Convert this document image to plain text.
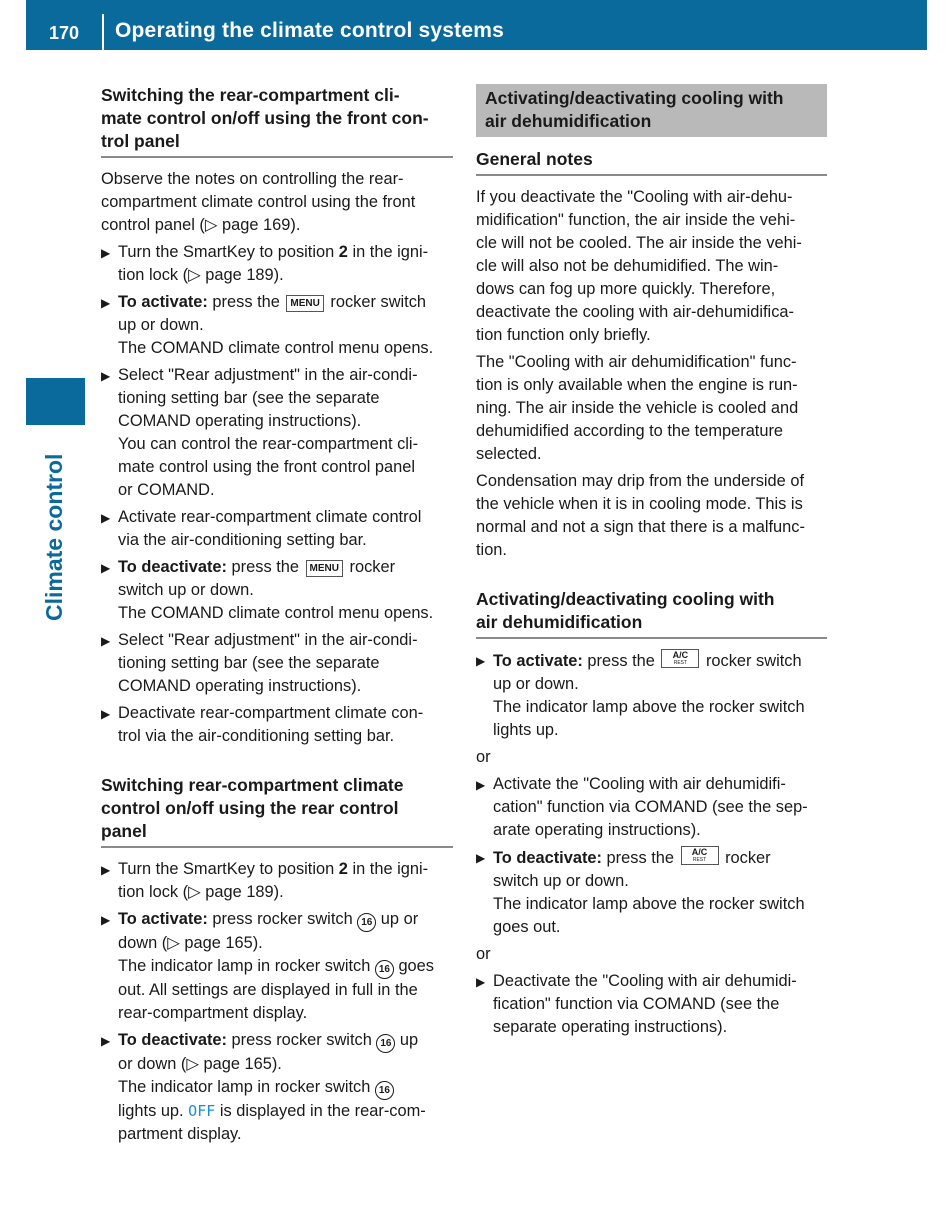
170	Operating the climate control systems
Climate control
Switching the rear-compartment cli-
mate control on/off using the front con-
trol panel

Observe the notes on controlling the rear-
compartment climate control using the front
control panel (▷ page 169).

▶ Turn the SmartKey to position 2 in the igni-
tion lock (▷ page 189).
▶ To activate: press the MENU rocker switch
up or down.
The COMAND climate control menu opens.
▶ Select "Rear adjustment" in the air-condi-
tioning setting bar (see the separate
COMAND operating instructions).
You can control the rear-compartment cli-
mate control using the front control panel
or COMAND.
▶ Activate rear-compartment climate control
via the air-conditioning setting bar.
▶ To deactivate: press the MENU rocker
switch up or down.
The COMAND climate control menu opens.
▶ Select "Rear adjustment" in the air-condi-
tioning setting bar (see the separate
COMAND operating instructions).
▶ Deactivate rear-compartment climate con-
trol via the air-conditioning setting bar.
Switching rear-compartment climate
control on/off using the rear control
panel
▶ Turn the SmartKey to position 2 in the igni-
tion lock (▷ page 189).
▶ To activate: press rocker switch 16 up or
down (▷ page 165).
The indicator lamp in rocker switch 16 goes
out. All settings are displayed in full in the
rear-compartment display.
▶ To deactivate: press rocker switch 16 up
or down (▷ page 165).
The indicator lamp in rocker switch 16
lights up. OFF is displayed in the rear-com-
partment display.
Activating/deactivating cooling with
air dehumidification
General notes

If you deactivate the "Cooling with air-dehu-
midification" function, the air inside the vehi-
cle will not be cooled. The air inside the vehi-
cle will also not be dehumidified. The win-
dows can fog up more quickly. Therefore,
deactivate the cooling with air-dehumidifica-
tion function only briefly.

The "Cooling with air dehumidification" func-
tion is only available when the engine is run-
ning. The air inside the vehicle is cooled and
dehumidified according to the temperature
selected.

Condensation may drip from the underside of
the vehicle when it is in cooling mode. This is
normal and not a sign that there is a malfunc-
tion.

Activating/deactivating cooling with
air dehumidification
▶ To activate: press the	A/C
REST rocker switch
up or down.
The indicator lamp above the rocker switch
lights up.

or

▶ Activate the "Cooling with air dehumidifi-
cation" function via COMAND (see the sep-
arate operating instructions).
▶ To deactivate: press the	A/C
REST rocker
switch up or down.
The indicator lamp above the rocker switch
goes out.

or

▶ Deactivate the "Cooling with air dehumidi-
fication" function via COMAND (see the
separate operating instructions).
